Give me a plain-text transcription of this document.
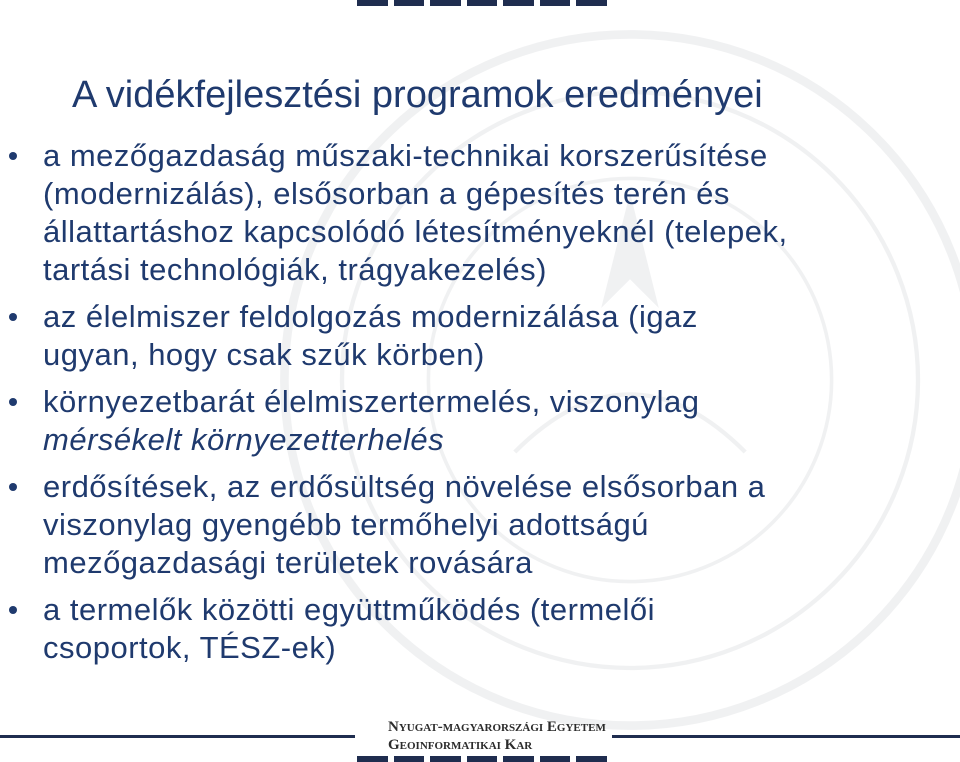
A vidékfejlesztési programok eredményei
a mezőgazdaság műszaki-technikai korszerűsítése
(modernizálás), elsősorban a gépesítés terén és
állattartáshoz kapcsolódó létesítményeknél (telepek,
tartási technológiák, trágyakezelés)
az élelmiszer feldolgozás modernizálása (igaz
ugyan, hogy csak szűk körben)
környezetbarát élelmiszertermelés, viszonylag
mérsékelt környezetterhelés
erdősítések, az erdősültség növelése elsősorban a
viszonylag gyengébb termőhelyi adottságú
mezőgazdasági területek rovására
a termelők közötti együttműködés (termelői
csoportok, TÉSZ-ek)
Nyugat-magyarországi Egyetem
Geoinformatikai Kar
